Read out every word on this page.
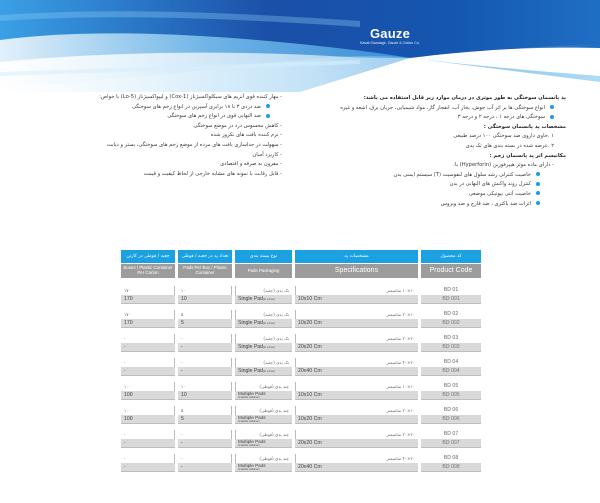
Gauze
Kavah Bandage, Gauze & Cotton Co.
پد پانسمان سوختگی به طور موثری در درمان موارد زیر قابل استفاده می باشد:
انواع سوختگی ها بر اثر آب جوش، بخار آب، انفجار گاز، مواد شیمیایی، جریان برق، اشعه و غیره
سوختگی های درجه ۱ ، درجه ۲ و درجه ۳
مشخصات پد پانسمان سوختگی :
۱ .حاوی داروی ضد سوختگی ۱۰۰ درصد طبیعی
۲ .عرضه شده در بسته بندی های تک پدی
مکانیسم اثر پد پانسمان زخم :
- دارای ماده موثر هیپرفورین (Hyperforin) با:
خاصیت کنترلی رشد سلول های لنفوسیت (T) سیستم ایمنی بدن
کنترل روند واکنش های التهابی در بدن
خاصیت آنتی بیوتیکی موضعی
اثرات ضد باکتری ، ضد قارچ و ضد ویروس
- مهار کننده قوی آنزیم های سیکلواکسیژناز (Cox-1) و لیپواکسیژناز (Lo-5) با خواص:
ضد دردی ۳ تا ۱۸ برابری آسپرین در انواع زخم های سوختگی
ضد التهابی قوی در انواع زخم های سوختگی
- کاهش محسوس درد در موضع سوختگی
- نرم کننده بافت های نکروز شده
- سهولت در جداسازی بافت های مرده از موضع زخم های سوختگی، بستر و دیابت
- کاربرد آسان
- مقرون به صرفه و اقتصادی
- قابل رقابت با نمونه های مشابه خارجی از لحاظ کیفیت و قیمت
جعبه / قوطی در کارتن
Boxes / Plastic Container Per Carton
تعداد پد در جعبه / قوطی
Pads Per Box / Plastic Container
نوع بسته بندی
Pads Packaging
مشخصات پد
Specifications
کد محصول
Product Code
۱۷۰
170
۱۰
10
تک پدی (جعبه)
Single Pad(in a box)
۱۰×۱۰ سانتیمتر
10x10 Cm
BD 01
BD 001
۱۷۰
170
۵
5
تک پدی (جعبه)
Single Pad(in a box)
۱۰×۲۰ سانتیمتر
10x20 Cm
BD 02
BD 002
-
-
-
-
تک پدی (جعبه)
Single Pad(in a box)
۲۰×۲۰ سانتیمتر
20x20 Cm
BD 03
BD 003
-
-
-
-
تک پدی (جعبه)
Single Pad(in a box)
۲۰×۴۰ سانتیمتر
20x40 Cm
BD 04
BD 004
۱۰۰
100
۱۰
10
چند پدی (قوطی)
Multiple Pads
(in plastic container)
۱۰×۱۰ سانتیمتر
10x10 Cm
BD 05
BD 005
۱۰۰
100
۵
5
چند پدی (قوطی)
Multiple Pads
(in plastic container)
۱۰×۲۰ سانتیمتر
10x20 Cm
BD 06
BD 006
-
-
-
-
چند پدی (قوطی)
Multiple Pads
(in plastic container)
۲۰×۲۰ سانتیمتر
20x20 Cm
BD 07
BD 007
-
-
-
-
چند پدی (قوطی)
Multiple Pads
(in plastic container)
۲۰×۴۰ سانتیمتر
20x40 Cm
BD 08
BD 008
